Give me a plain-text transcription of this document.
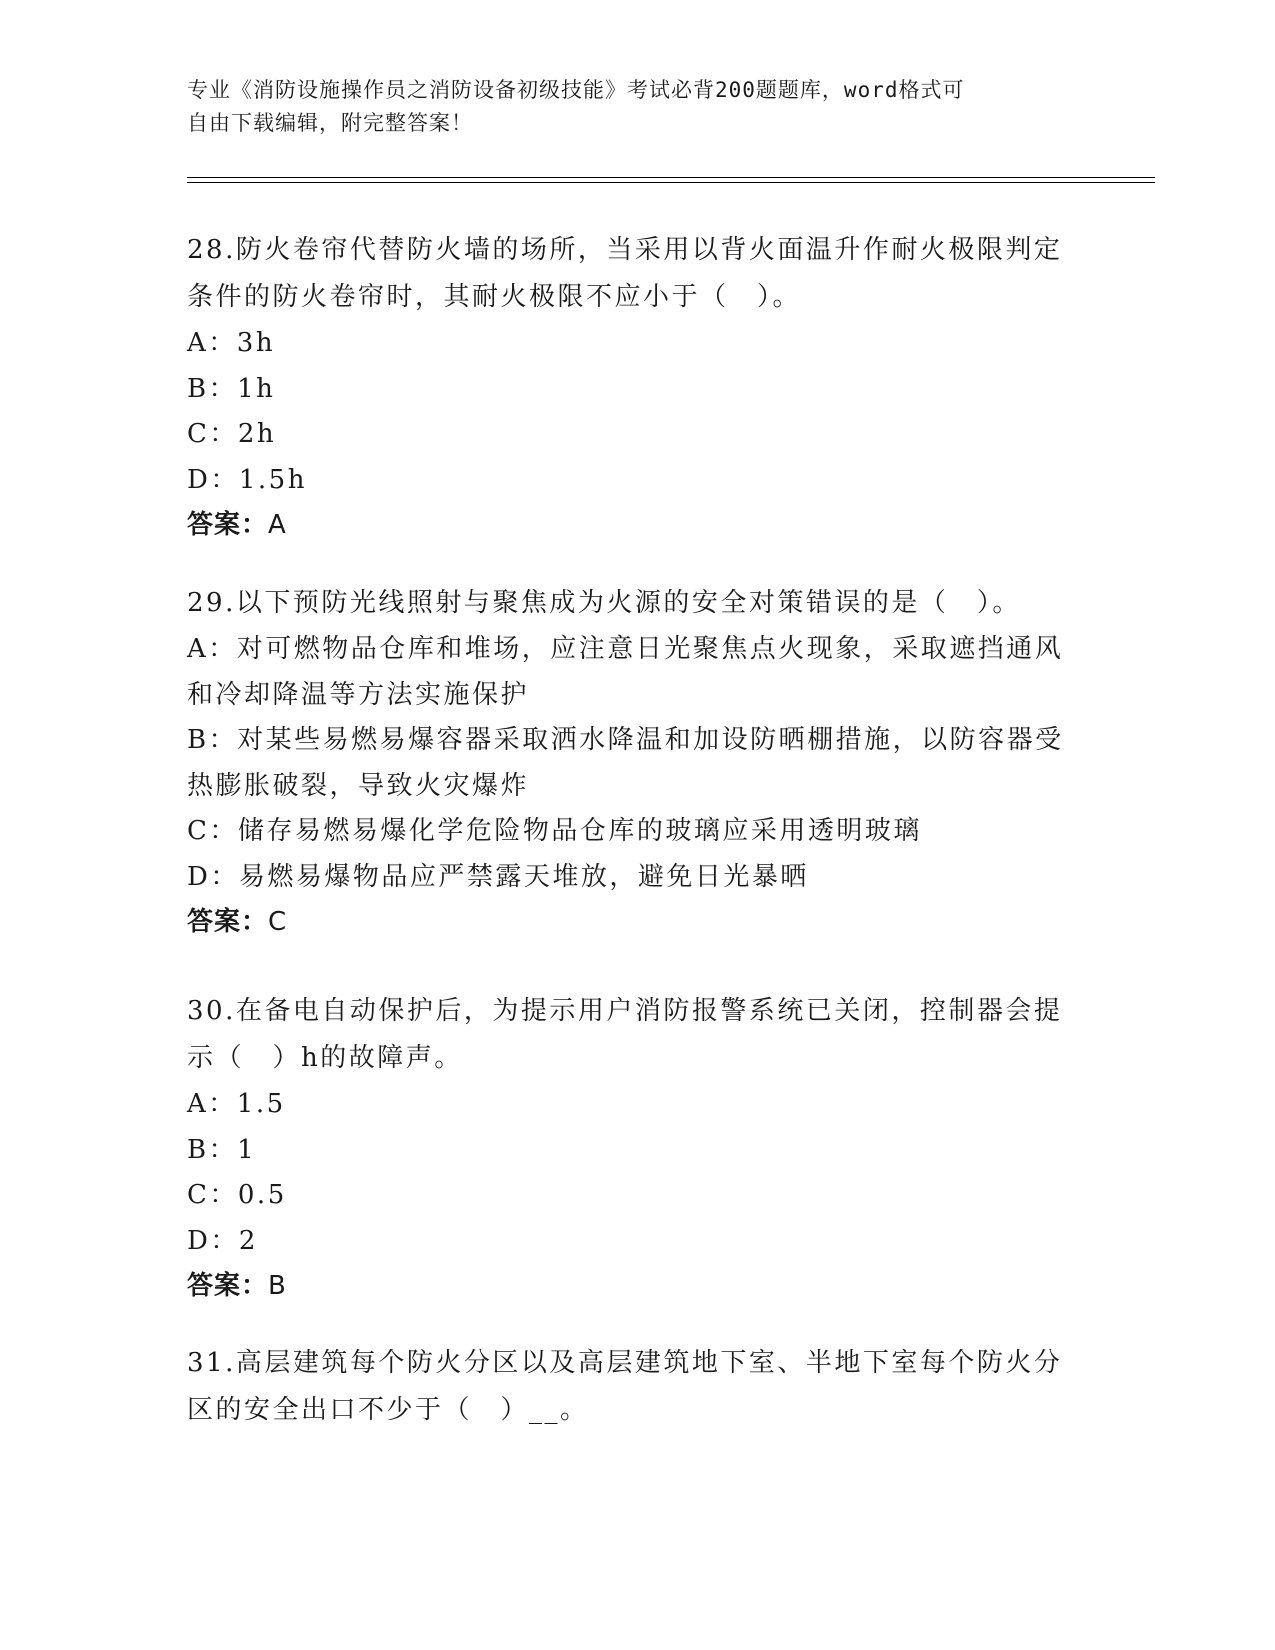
专业《消防设施操作员之消防设备初级技能》考试必背200题题库，word格式可
自由下载编辑，附完整答案！
28.防火卷帘代替防火墙的场所，当采用以背火面温升作耐火极限判定条件的防火卷帘时，其耐火极限不应小于（　）。
A：3h
B：1h
C：2h
D：1.5h
答案：A
29.以下预防光线照射与聚焦成为火源的安全对策错误的是（　）。
A：对可燃物品仓库和堆场，应注意日光聚焦点火现象，采取遮挡通风和冷却降温等方法实施保护
B：对某些易燃易爆容器采取洒水降温和加设防晒棚措施，以防容器受热膨胀破裂，导致火灾爆炸
C：储存易燃易爆化学危险物品仓库的玻璃应采用透明玻璃
D：易燃易爆物品应严禁露天堆放，避免日光暴晒
答案：C
30.在备电自动保护后，为提示用户消防报警系统已关闭，控制器会提示（　）h的故障声。
A：1.5
B：1
C：0.5
D：2
答案：B
31.高层建筑每个防火分区以及高层建筑地下室、半地下室每个防火分区的安全出口不少于（　）__。
